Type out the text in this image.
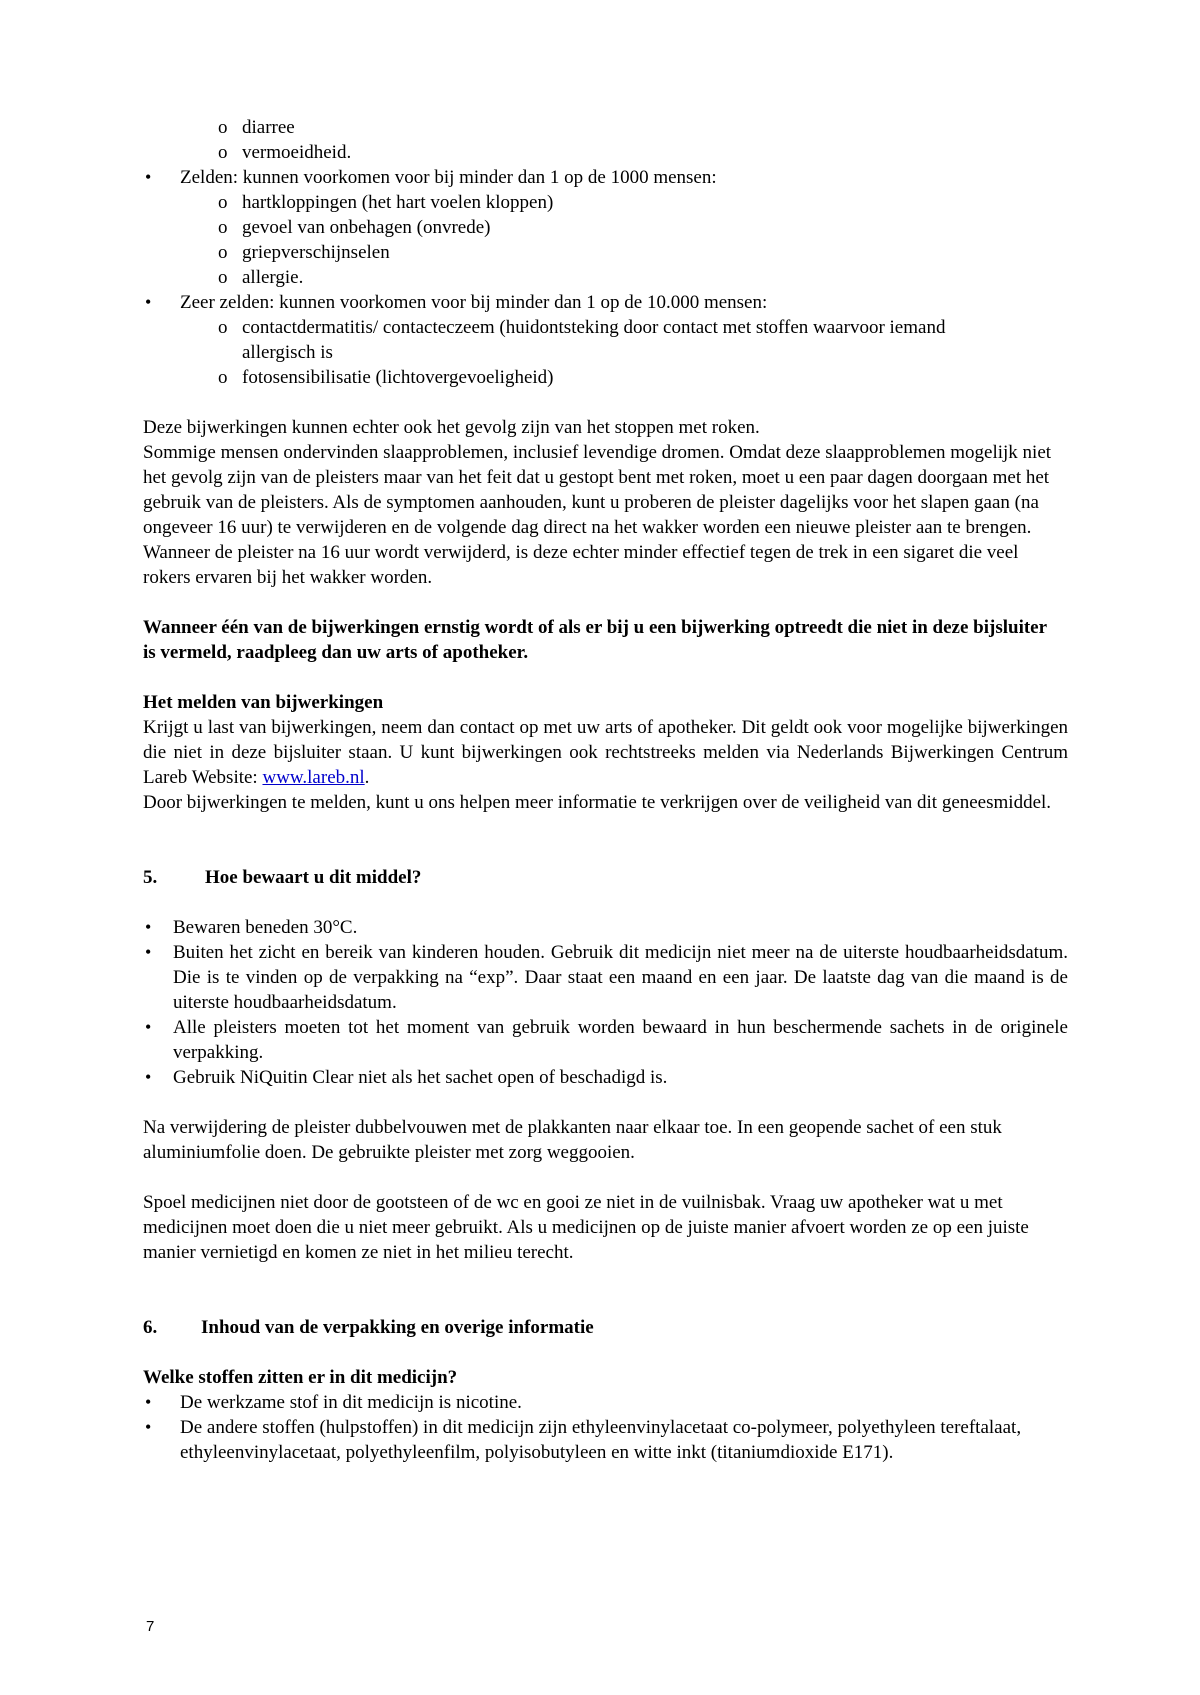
o diarree
o vermoeidheid.
• Zelden: kunnen voorkomen voor bij minder dan 1 op de 1000 mensen:
o hartkloppingen (het hart voelen kloppen)
o gevoel van onbehagen (onvrede)
o griepverschijnselen
o allergie.
• Zeer zelden: kunnen voorkomen voor bij minder dan 1 op de 10.000 mensen:
o contactdermatitis/ contacteczeem (huidontsteking door contact met stoffen waarvoor iemand allergisch is
o fotosensibilisatie (lichtovergevoeligheid)

Deze bijwerkingen kunnen echter ook het gevolg zijn van het stoppen met roken.

Sommige mensen ondervinden slaapproblemen, inclusief levendige dromen. Omdat deze slaapproblemen mogelijk niet het gevolg zijn van de pleisters maar van het feit dat u gestopt bent met roken, moet u een paar dagen doorgaan met het gebruik van de pleisters. Als de symptomen aanhouden, kunt u proberen de pleister dagelijks voor het slapen gaan (na ongeveer 16 uur) te verwijderen en de volgende dag direct na het wakker worden een nieuwe pleister aan te brengen. Wanneer de pleister na 16 uur wordt verwijderd, is deze echter minder effectief tegen de trek in een sigaret die veel rokers ervaren bij het wakker worden.

Wanneer één van de bijwerkingen ernstig wordt of als er bij u een bijwerking optreedt die niet in deze bijsluiter is vermeld, raadpleeg dan uw arts of apotheker.

Het melden van bijwerkingen

Krijgt u last van bijwerkingen, neem dan contact op met uw arts of apotheker. Dit geldt ook voor mogelijke bijwerkingen die niet in deze bijsluiter staan. U kunt bijwerkingen ook rechtstreeks melden via Nederlands Bijwerkingen Centrum Lareb Website: www.lareb.nl.

Door bijwerkingen te melden, kunt u ons helpen meer informatie te verkrijgen over de veiligheid van dit geneesmiddel.

5.	Hoe bewaart u dit middel?
• Bewaren beneden 30°C.
• Buiten het zicht en bereik van kinderen houden. Gebruik dit medicijn niet meer na de uiterste houdbaarheidsdatum. Die is te vinden op de verpakking na “exp”. Daar staat een maand en een jaar. De laatste dag van die maand is de uiterste houdbaarheidsdatum.
• Alle pleisters moeten tot het moment van gebruik worden bewaard in hun beschermende sachets in de originele verpakking.
• Gebruik NiQuitin Clear niet als het sachet open of beschadigd is.

Na verwijdering de pleister dubbelvouwen met de plakkanten naar elkaar toe. In een geopende sachet of een stuk aluminiumfolie doen. De gebruikte pleister met zorg weggooien.

Spoel medicijnen niet door de gootsteen of de wc en gooi ze niet in de vuilnisbak. Vraag uw apotheker wat u met medicijnen moet doen die u niet meer gebruikt. Als u medicijnen op de juiste manier afvoert worden ze op een juiste manier vernietigd en komen ze niet in het milieu terecht.

6.	Inhoud van de verpakking en overige informatie

Welke stoffen zitten er in dit medicijn?

• De werkzame stof in dit medicijn is nicotine.
• De andere stoffen (hulpstoffen) in dit medicijn zijn ethyleenvinylacetaat co-polymeer, polyethyleen tereftalaat, ethyleenvinylacetaat, polyethyleenfilm, polyisobutyleen en witte inkt (titaniumdioxide E171).
7
